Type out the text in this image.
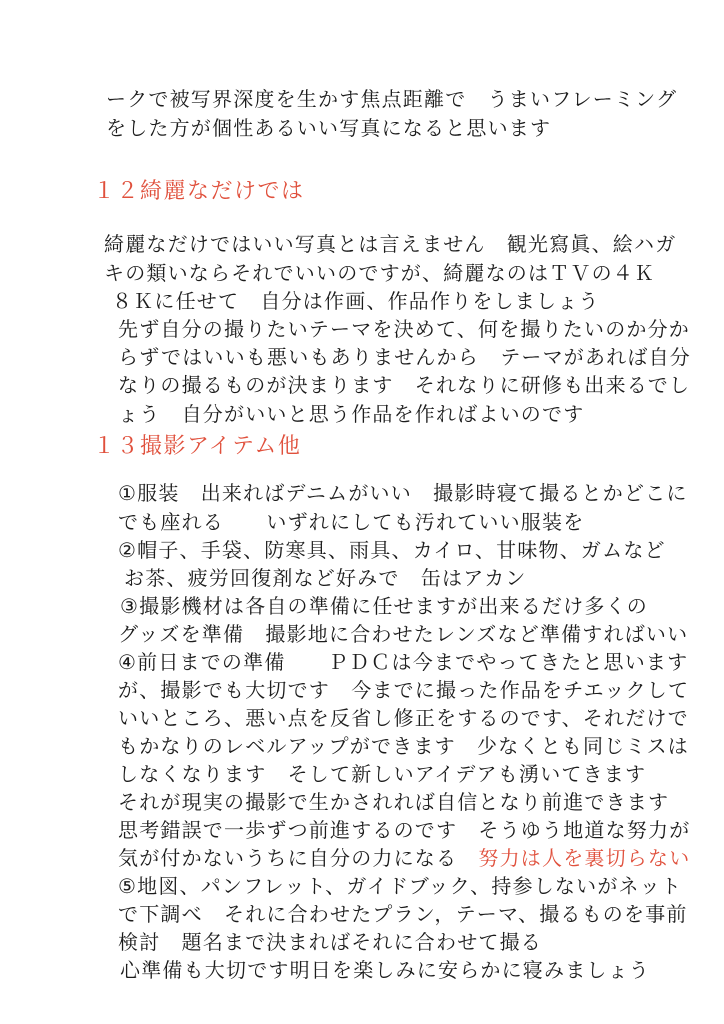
ークで被写界深度を生かす焦点距離で　うまいフレーミング
をした方が個性あるいい写真になると思います
１２綺麗なだけでは
綺麗なだけではいい写真とは言えません　観光寫眞、絵ハガ
キの類いならそれでいいのですが、綺麗なのはＴＶの４Ｋ
８Ｋに任せて　自分は作画、作品作りをしましょう
先ず自分の撮りたいテーマを決めて、何を撮りたいのか分か
らずではいいも悪いもありませんから　テーマがあれば自分
なりの撮るものが決まります　それなりに研修も出来るでし
ょう　自分がいいと思う作品を作ればよいのです
１３撮影アイテム他
①服装　出来ればデニムがいい　撮影時寝て撮るとかどこに
でも座れる　　いずれにしても汚れていい服装を
②帽子、手袋、防寒具、雨具、カイロ、甘味物、ガムなど
お茶、疲労回復剤など好みで　缶はアカン
③撮影機材は各自の準備に任せますが出来るだけ多くの
グッズを準備　撮影地に合わせたレンズなど準備すればいい
④前日までの準備　　ＰＤＣは今までやってきたと思います
が、撮影でも大切です　今までに撮った作品をチエックして
いいところ、悪い点を反省し修正をするのです、それだけで
もかなりのレベルアップができます　少なくとも同じミスは
しなくなります　そして新しいアイデアも湧いてきます
それが現実の撮影で生かされれば自信となり前進できます
思考錯誤で一歩ずつ前進するのです　そうゆう地道な努力が
気が付かないうちに自分の力になる　努力は人を裏切らない
⑤地図、パンフレット、ガイドブック、持参しないがネット
で下調べ　それに合わせたプラン，テーマ、撮るものを事前
検討　題名まで決まればそれに合わせて撮る
心準備も大切です明日を楽しみに安らかに寝みましょう
